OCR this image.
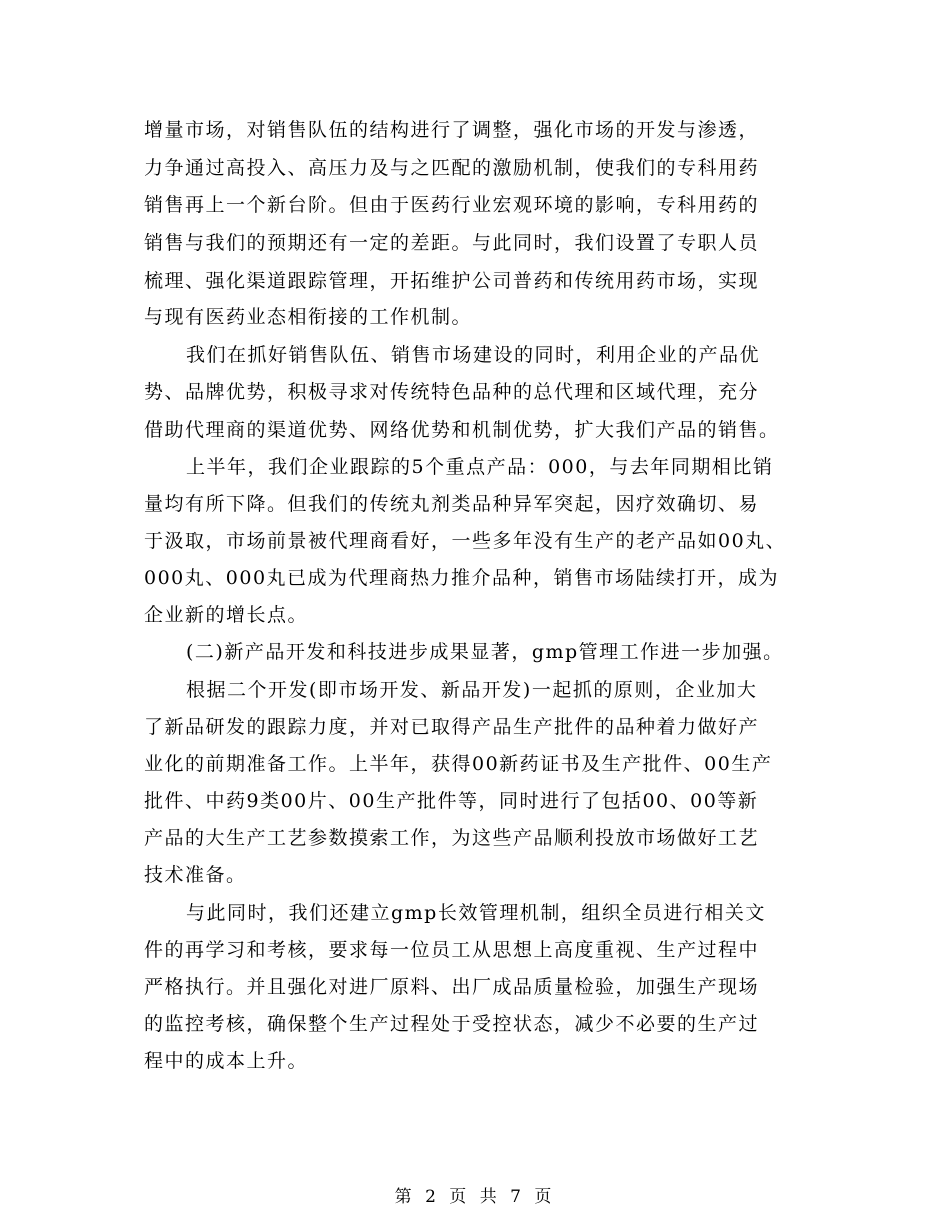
增量市场，对销售队伍的结构进行了调整，强化市场的开发与渗透，
力争通过高投入、高压力及与之匹配的激励机制，使我们的专科用药
销售再上一个新台阶。但由于医药行业宏观环境的影响，专科用药的
销售与我们的预期还有一定的差距。与此同时，我们设置了专职人员
梳理、强化渠道跟踪管理，开拓维护公司普药和传统用药市场，实现
与现有医药业态相衔接的工作机制。
我们在抓好销售队伍、销售市场建设的同时，利用企业的产品优
势、品牌优势，积极寻求对传统特色品种的总代理和区域代理，充分
借助代理商的渠道优势、网络优势和机制优势，扩大我们产品的销售。
上半年，我们企业跟踪的5个重点产品：000，与去年同期相比销
量均有所下降。但我们的传统丸剂类品种异军突起，因疗效确切、易
于汲取，市场前景被代理商看好，一些多年没有生产的老产品如00丸、
000丸、000丸已成为代理商热力推介品种，销售市场陆续打开，成为
企业新的增长点。
(二)新产品开发和科技进步成果显著，gmp管理工作进一步加强。
根据二个开发(即市场开发、新品开发)一起抓的原则，企业加大
了新品研发的跟踪力度，并对已取得产品生产批件的品种着力做好产
业化的前期准备工作。上半年，获得00新药证书及生产批件、00生产
批件、中药9类00片、00生产批件等，同时进行了包括00、00等新
产品的大生产工艺参数摸索工作，为这些产品顺利投放市场做好工艺
技术准备。
与此同时，我们还建立gmp长效管理机制，组织全员进行相关文
件的再学习和考核，要求每一位员工从思想上高度重视、生产过程中
严格执行。并且强化对进厂原料、出厂成品质量检验，加强生产现场
的监控考核，确保整个生产过程处于受控状态，减少不必要的生产过
程中的成本上升。
第 2 页 共 7 页
